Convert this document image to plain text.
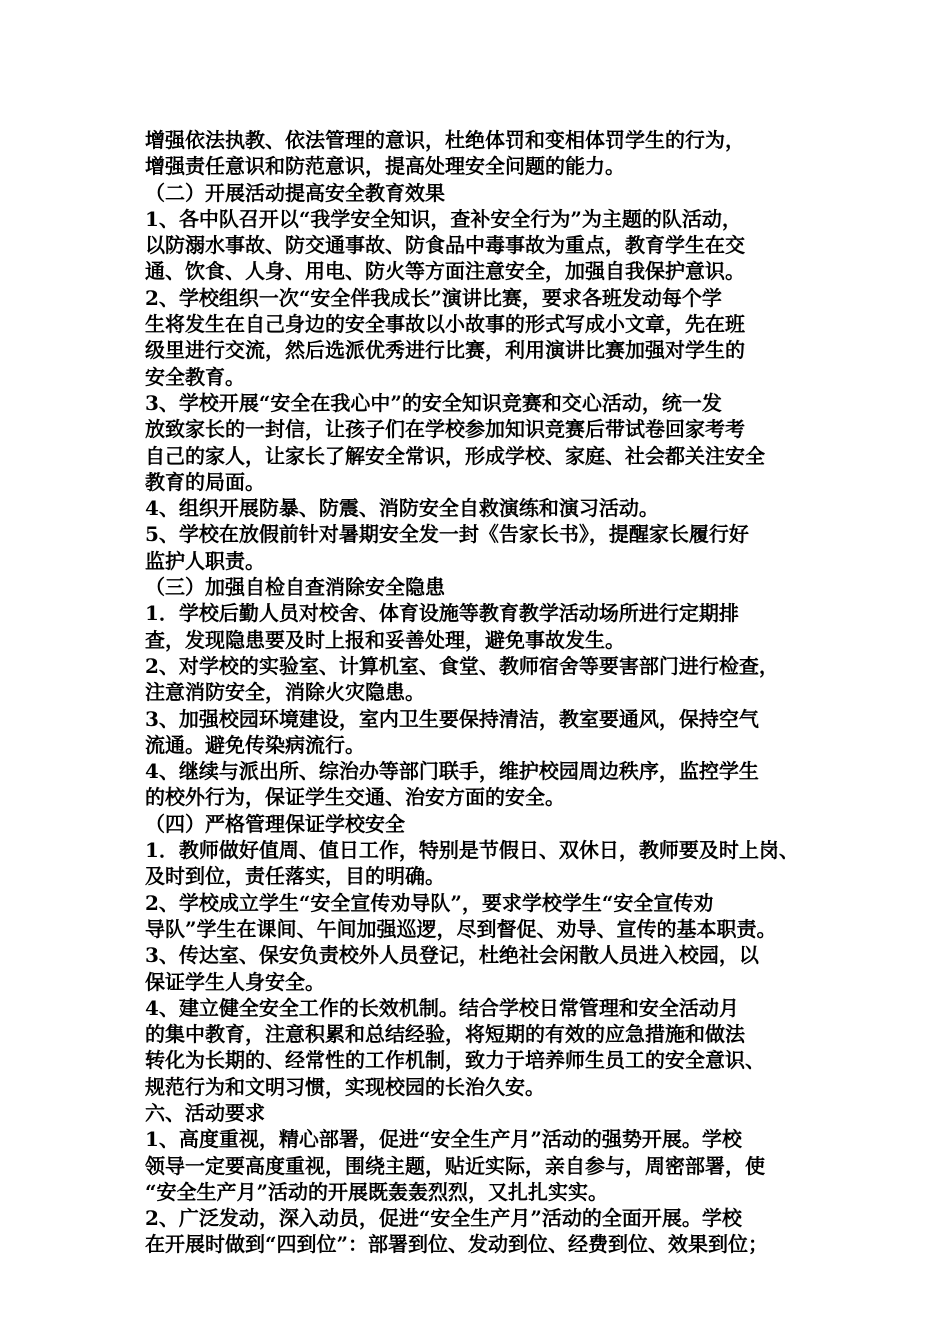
增强依法执教、依法管理的意识，杜绝体罚和变相体罚学生的行为，
增强责任意识和防范意识，提高处理安全问题的能力。
（二）开展活动提高安全教育效果
1、各中队召开以“我学安全知识，查补安全行为”为主题的队活动，
以防溺水事故、防交通事故、防食品中毒事故为重点，教育学生在交
通、饮食、人身、用电、防火等方面注意安全，加强自我保护意识。
2、学校组织一次“安全伴我成长”演讲比赛，要求各班发动每个学
生将发生在自己身边的安全事故以小故事的形式写成小文章，先在班
级里进行交流，然后选派优秀进行比赛，利用演讲比赛加强对学生的
安全教育。
3、学校开展“安全在我心中”的安全知识竞赛和交心活动，统一发
放致家长的一封信，让孩子们在学校参加知识竞赛后带试卷回家考考
自己的家人，让家长了解安全常识，形成学校、家庭、社会都关注安全
教育的局面。
4、组织开展防暴、防震、消防安全自救演练和演习活动。
5、学校在放假前针对暑期安全发一封《告家长书》，提醒家长履行好
监护人职责。
（三）加强自检自查消除安全隐患
1．学校后勤人员对校舍、体育设施等教育教学活动场所进行定期排
查，发现隐患要及时上报和妥善处理，避免事故发生。
2、对学校的实验室、计算机室、食堂、教师宿舍等要害部门进行检查，
注意消防安全，消除火灾隐患。
3、加强校园环境建设，室内卫生要保持清洁，教室要通风，保持空气
流通。避免传染病流行。
4、继续与派出所、综治办等部门联手，维护校园周边秩序，监控学生
的校外行为，保证学生交通、治安方面的安全。
（四）严格管理保证学校安全
1．教师做好值周、值日工作，特别是节假日、双休日，教师要及时上岗、
及时到位，责任落实，目的明确。
2、学校成立学生“安全宣传劝导队”，要求学校学生“安全宣传劝
导队”学生在课间、午间加强巡逻，尽到督促、劝导、宣传的基本职责。
3、传达室、保安负责校外人员登记，杜绝社会闲散人员进入校园，以
保证学生人身安全。
4、建立健全安全工作的长效机制。结合学校日常管理和安全活动月
的集中教育，注意积累和总结经验，将短期的有效的应急措施和做法
转化为长期的、经常性的工作机制，致力于培养师生员工的安全意识、
规范行为和文明习惯，实现校园的长治久安。
六、活动要求
1、高度重视，精心部署，促进“安全生产月”活动的强势开展。学校
领导一定要高度重视，围绕主题，贴近实际，亲自参与，周密部署，使
“安全生产月”活动的开展既轰轰烈烈，又扎扎实实。
2、广泛发动，深入动员，促进“安全生产月”活动的全面开展。学校
在开展时做到“四到位”：部署到位、发动到位、经费到位、效果到位；
